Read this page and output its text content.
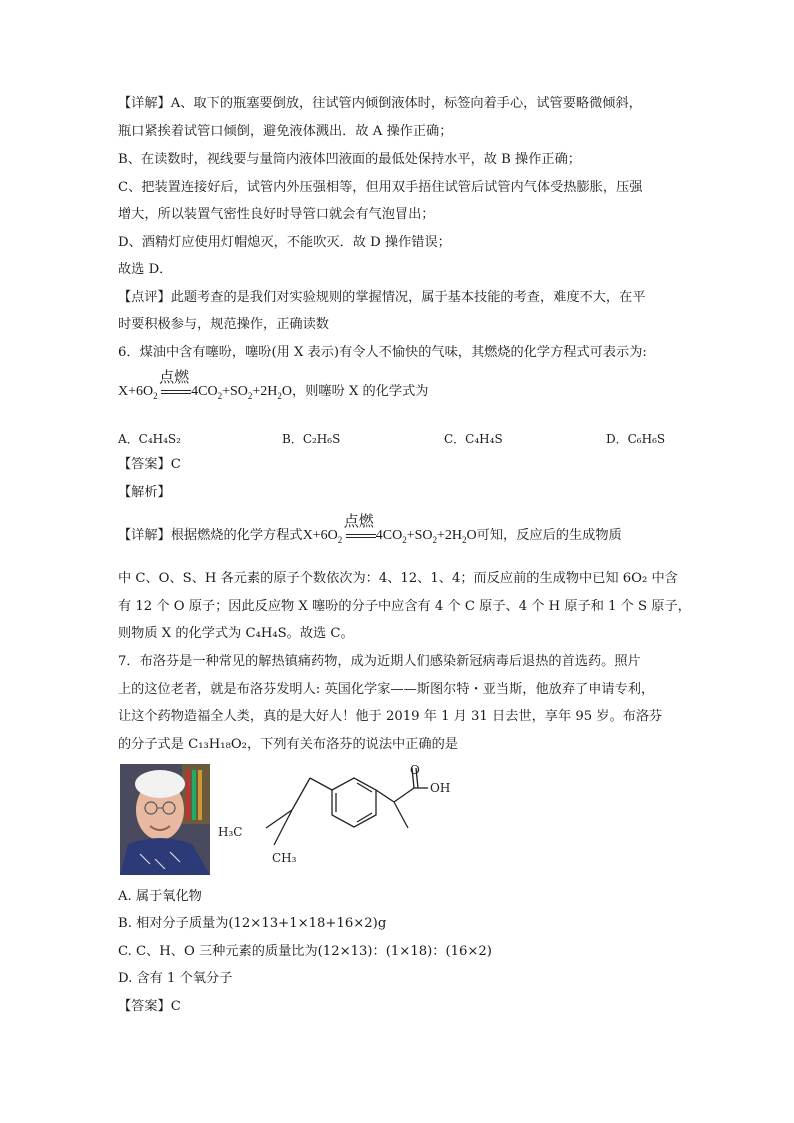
【详解】A、取下的瓶塞要倒放，往试管内倾倒液体时，标签向着手心，试管要略微倾斜，
瓶口紧挨着试管口倾倒，避免液体溅出．故 A 操作正确；
B、在读数时，视线要与量筒内液体凹液面的最低处保持水平，故 B 操作正确；
C、把装置连接好后，试管内外压强相等，但用双手捂住试管后试管内气体受热膨胀，压强
增大，所以装置气密性良好时导管口就会有气泡冒出；
D、酒精灯应使用灯帽熄灭，不能吹灭．故 D 操作错误；
故选 D．
【点评】此题考查的是我们对实验规则的掌握情况，属于基本技能的考查，难度不大，在平
时要积极参与，规范操作，正确读数
6．煤油中含有噻吩，噻吩(用 X 表示)有令人不愉快的气味，其燃烧的化学方程式可表示为:
$X+6O_2$
点燃
$4CO_2+SO_2+2H_2O$，则噻吩 X 的化学式为
A．C₄H₄S₂	B．C₂H₆S	C．C₄H₄S	D．C₆H₆S
【答案】C
【解析】
【详解】根据燃烧的化学方程式$X+6O_2$
点燃
$4CO_2+SO_2+2H_2O$可知，反应后的生成物质
中 C、O、S、H 各元素的原子个数依次为：4、12、1、4；而反应前的生成物中已知 6O₂ 中含
有 12 个 O 原子；因此反应物 X 噻吩的分子中应含有 4 个 C 原子、4 个 H 原子和 1 个 S 原子，
则物质 X 的化学式为 C₄H₄S。故选 C。
7．布洛芬是一种常见的解热镇痛药物，成为近期人们感染新冠病毒后退热的首选药。照片
上的这位老者，就是布洛芬发明人: 英国化学家——斯图尔特・亚当斯，他放弃了申请专利，
让这个药物造福全人类，真的是大好人！他于 2019 年 1 月 31 日去世，享年 95 岁。布洛芬
的分子式是 C₁₃H₁₈O₂，下列有关布洛芬的说法中正确的是
A. 属于氧化物
B. 相对分子质量为(12×13+1×18+16×2)g
C. C、H、O 三种元素的质量比为(12×13)：(1×18)：(16×2)
D. 含有 1 个氧分子
【答案】C
O
OH
H₃C
CH₃
